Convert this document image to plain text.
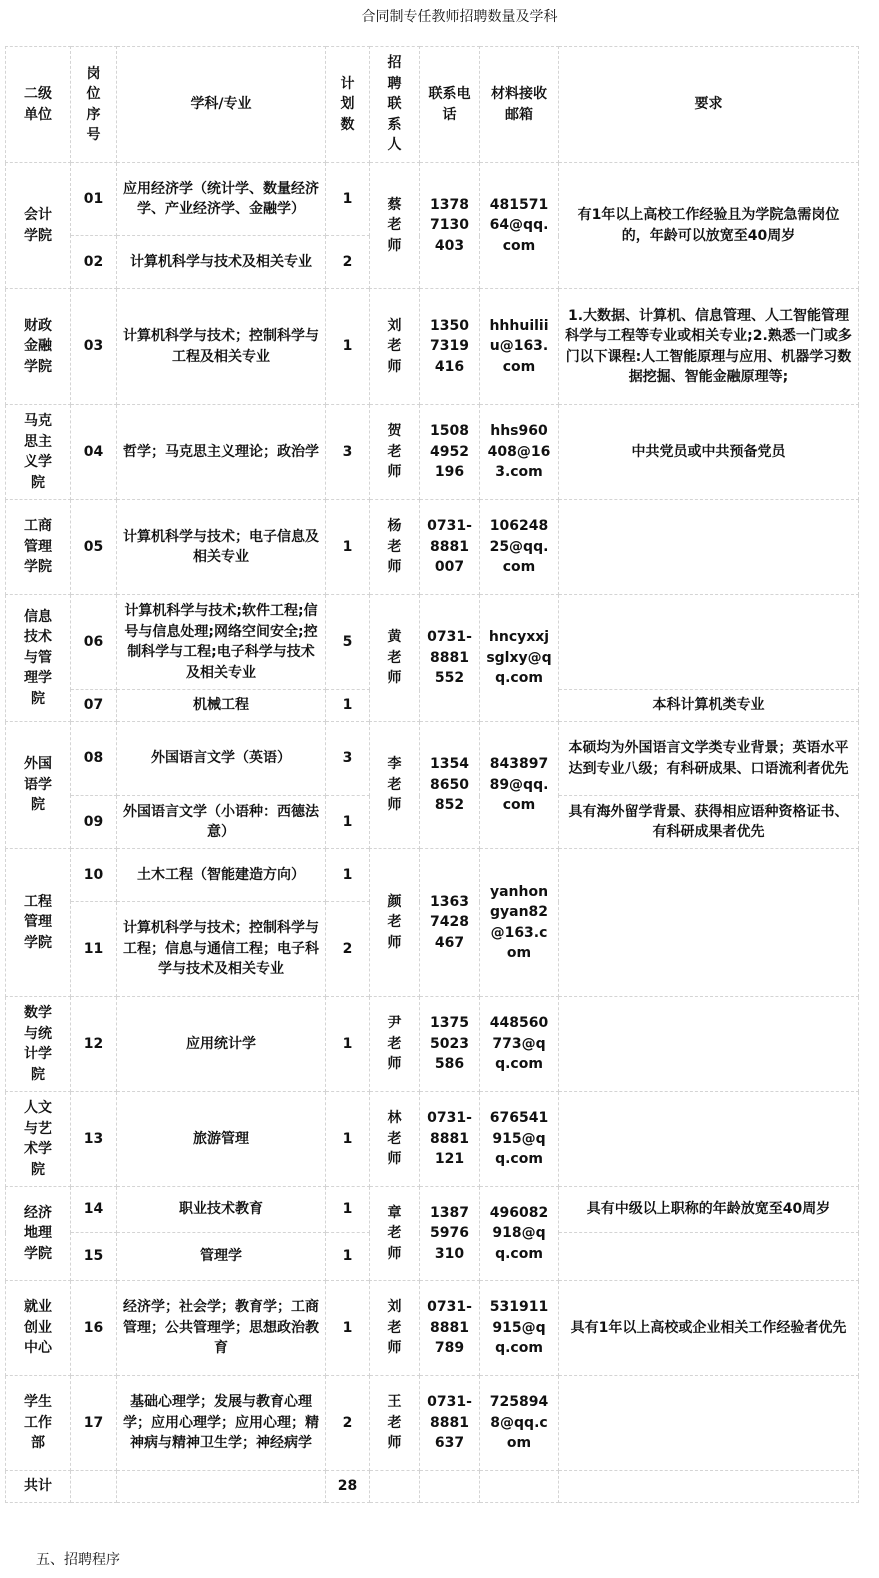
合同制专任教师招聘数量及学科
二级单位	岗位序号	学科/专业	计划数	招聘联系人	联系电话	材料接收邮箱	要求
会计学院	01	应用经济学（统计学、数量经济学、产业经济学、金融学）	1	蔡老师	13787130403	48157164@qq.com	有1年以上高校工作经验且为学院急需岗位的，年龄可以放宽至40周岁
	02	计算机科学与技术及相关专业	2				
财政金融学院	03	计算机科学与技术；控制科学与工程及相关专业	1	刘老师	13507319416	hhhuiliiu@163.com	1.大数据、计算机、信息管理、人工智能管理科学与工程等专业或相关专业;2.熟悉一门或多门以下课程:人工智能原理与应用、机器学习数据挖掘、智能金融原理等;
马克思主义学院	04	哲学；马克思主义理论；政治学	3	贺老师	15084952196	hhs960408@163.com	中共党员或中共预备党员
工商管理学院	05	计算机科学与技术；电子信息及相关专业	1	杨老师	0731-8881007	10624825@qq.com	
信息技术与管理学院	06	计算机科学与技术;软件工程;信号与信息处理;网络空间安全;控制科学与工程;电子科学与技术及相关专业	5	黄老师	0731-8881552	hncyxxjsglxy@qq.com	
	07	机械工程	1				本科计算机类专业
外国语学院	08	外国语言文学（英语）	3	李老师	13548650852	84389789@qq.com	本硕均为外国语言文学类专业背景；英语水平达到专业八级；有科研成果、口语流利者优先
	09	外国语言文学（小语种：西德法意）	1				具有海外留学背景、获得相应语种资格证书、有科研成果者优先
工程管理学院	10	土木工程（智能建造方向）	1	颜老师	13637428467	yanhongyan82@163.com	
	11	计算机科学与技术；控制科学与工程；信息与通信工程；电子科学与技术及相关专业	2				
数学与统计学院	12	应用统计学	1	尹老师	13755023586	448560773@qq.com	
人文与艺术学院	13	旅游管理	1	林老师	0731-8881121	676541915@qq.com	
经济地理学院	14	职业技术教育	1	章老师	13875976310	496082918@qq.com	具有中级以上职称的年龄放宽至40周岁
	15	管理学	1				
就业创业中心	16	经济学；社会学；教育学；工商管理；公共管理学；思想政治教育	1	刘老师	0731-8881789	531911915@qq.com	具有1年以上高校或企业相关工作经验者优先
学生工作部	17	基础心理学；发展与教育心理学；应用心理学；应用心理；精神病与精神卫生学；神经病学	2	王老师	0731-8881637	7258948@qq.com	
共计			28				
五、招聘程序
